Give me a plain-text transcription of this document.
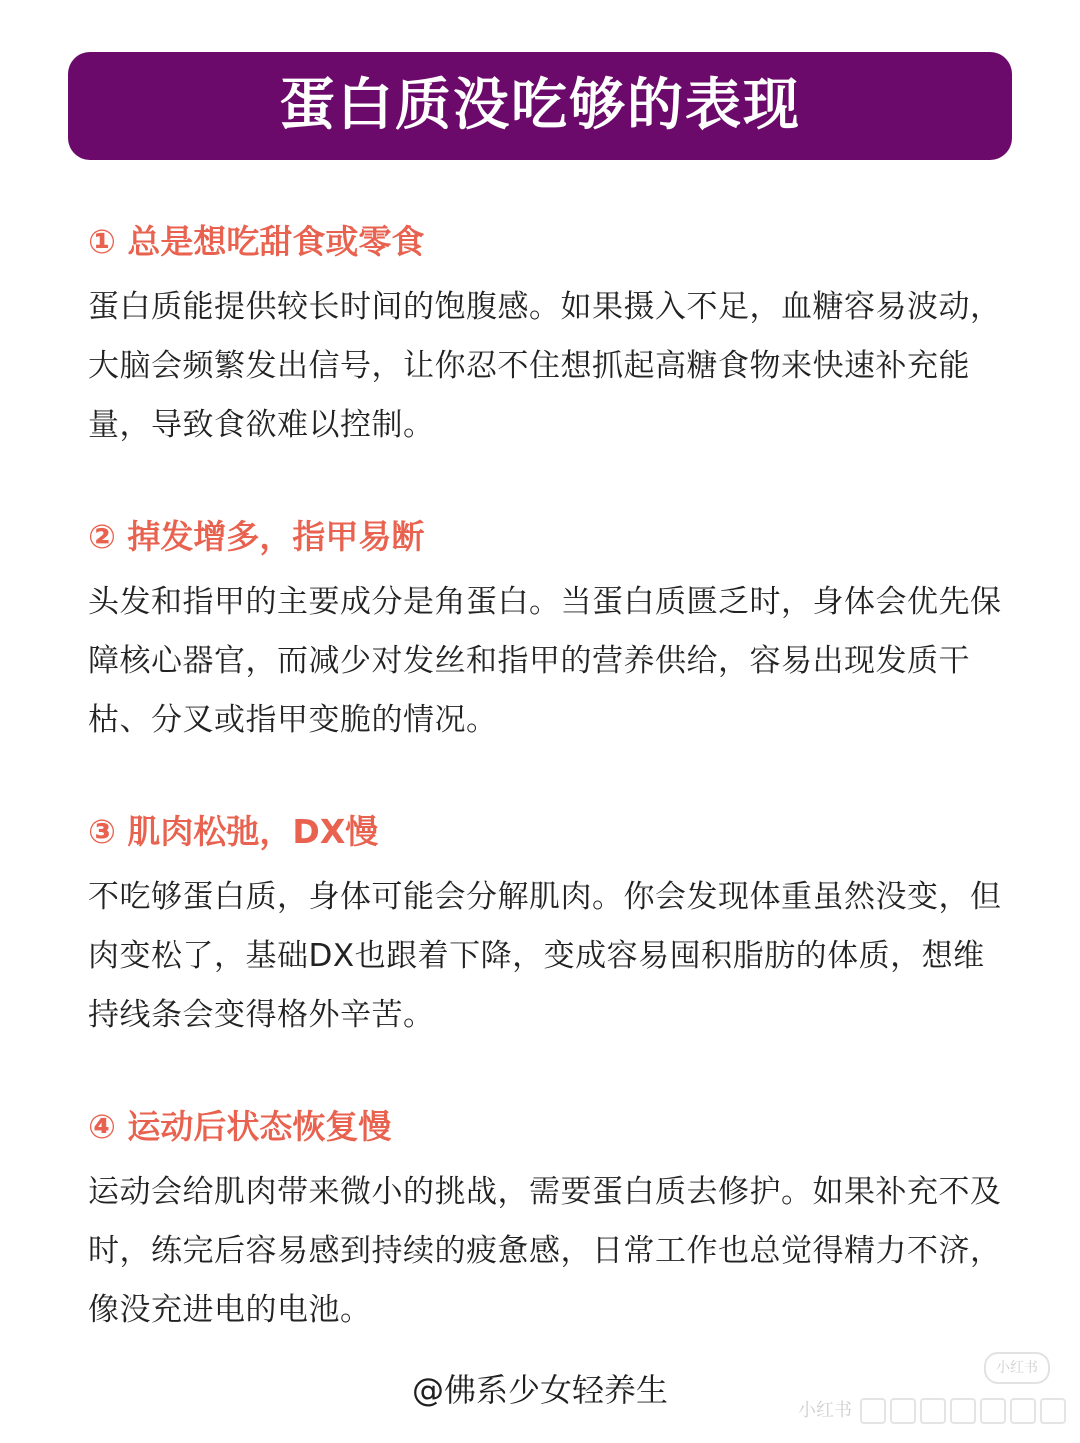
蛋白质没吃够的表现
① 总是想吃甜食或零食

蛋白质能提供较长时间的饱腹感。如果摄入不足，血糖容易波动，大脑会频繁发出信号，让你忍不住想抓起高糖食物来快速补充能量，导致食欲难以控制。

② 掉发增多，指甲易断

头发和指甲的主要成分是角蛋白。当蛋白质匮乏时，身体会优先保障核心器官，而减少对发丝和指甲的营养供给，容易出现发质干枯、分叉或指甲变脆的情况。

③ 肌肉松弛，DX慢

不吃够蛋白质，身体可能会分解肌肉。你会发现体重虽然没变，但肉变松了，基础DX也跟着下降，变成容易囤积脂肪的体质，想维持线条会变得格外辛苦。

④ 运动后状态恢复慢

运动会给肌肉带来微小的挑战，需要蛋白质去修护。如果补充不及时，练完后容易感到持续的疲惫感，日常工作也总觉得精力不济，像没充进电的电池。

@佛系少女轻养生
小红书
小红书
